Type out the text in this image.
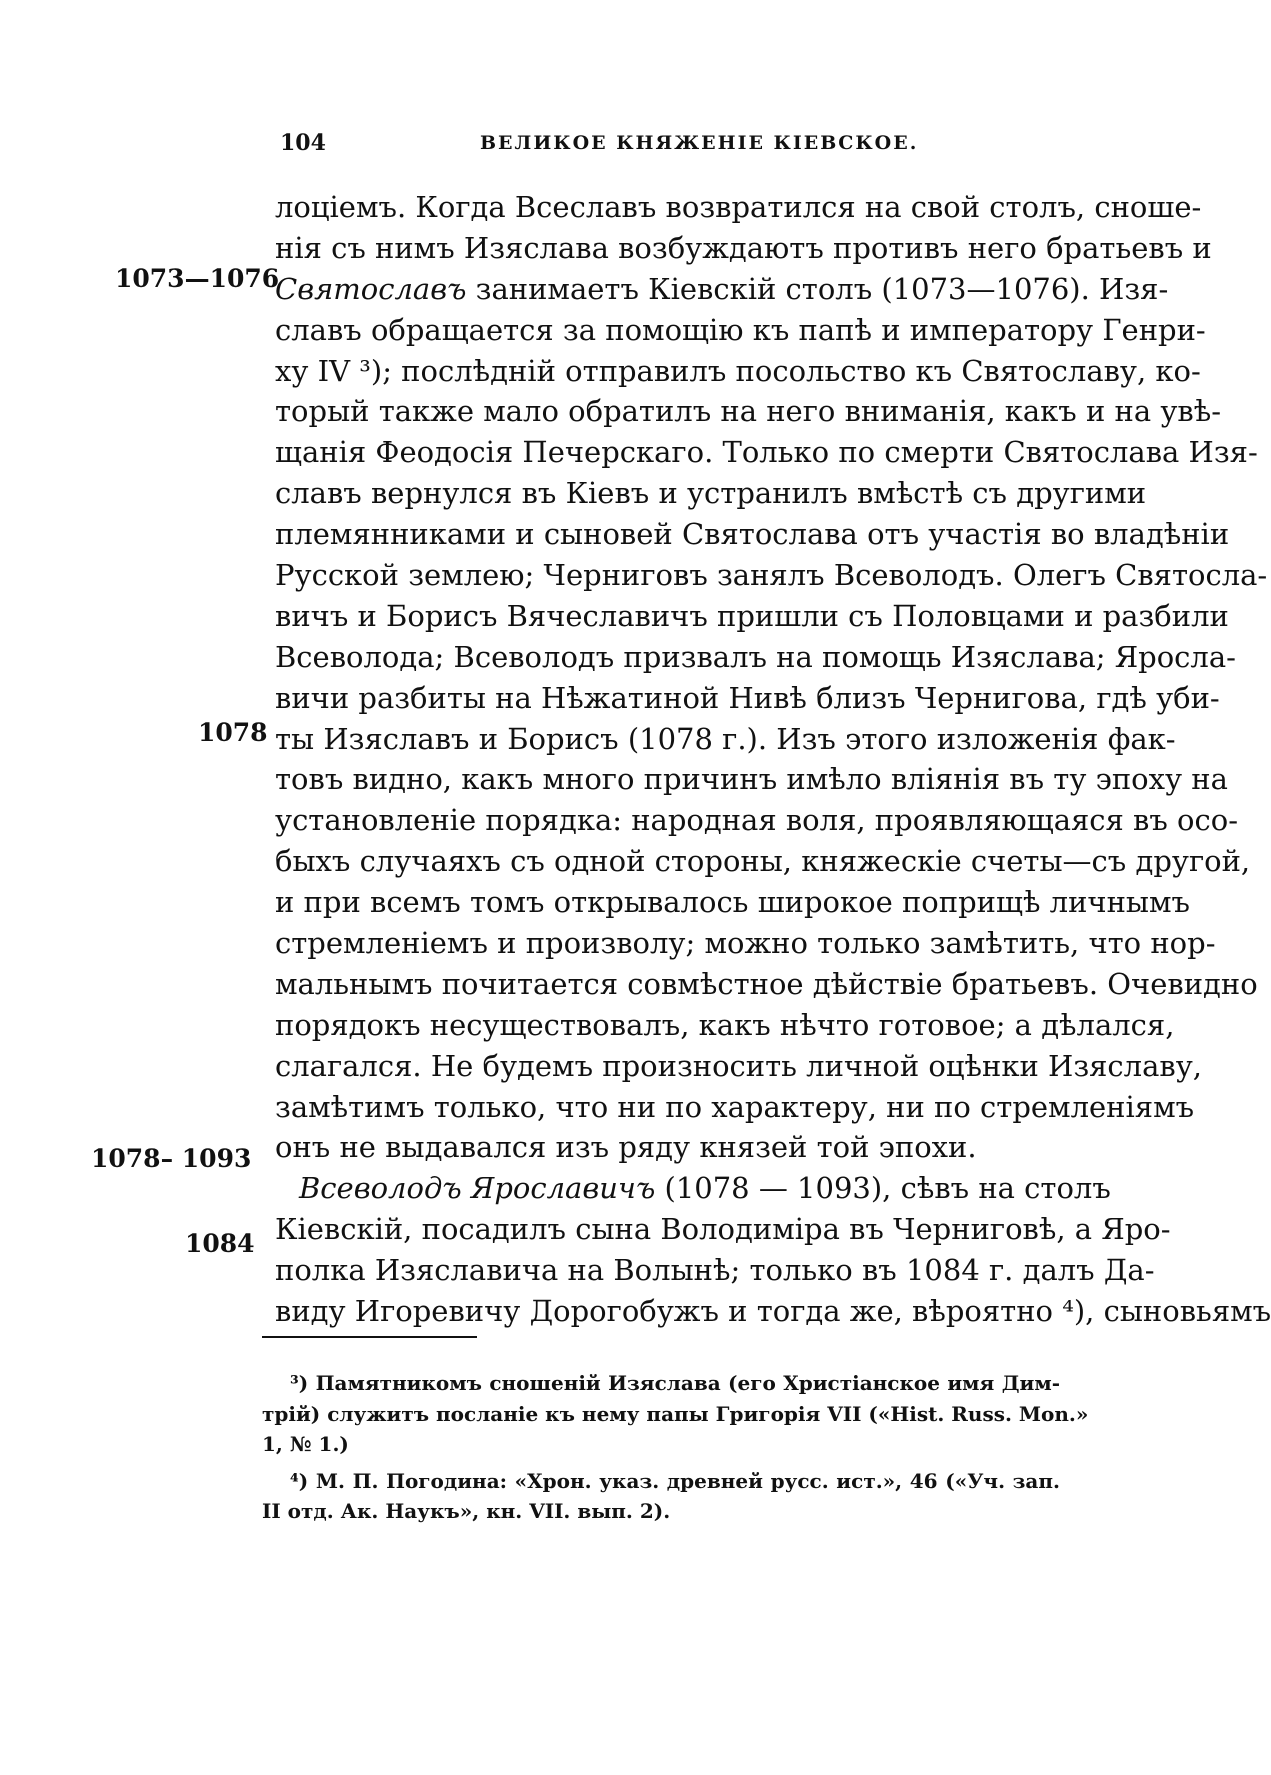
104	ВЕЛИКОЕ КНЯЖЕНІЕ КІЕВСКОЕ.
1073—1076
1078
1078– 1093
1084
лоцiемъ. Когда Всеславъ возвратился на свой столъ, сноше-
нія съ нимъ Изяслава возбуждаютъ противъ него братьевъ и
Святославъ занимаетъ Кіевскій столъ (1073—1076). Изя-
славъ обращается за помощію къ папѣ и императору Генри-
ху IV ³); послѣдній отправилъ посольство къ Святославу, ко-
торый также мало обратилъ на него вниманія, какъ и на увѣ-
щанія Феодосія Печерскаго. Только по смерти Святослава Изя-
славъ вернулся въ Кіевъ и устранилъ вмѣстѣ съ другими
племянниками и сыновей Святослава отъ участія во владѣніи
Русской землею; Черниговъ занялъ Всеволодъ. Олегъ Святосла-
вичъ и Борисъ Вячеславичъ пришли съ Половцами и разбили
Всеволода; Всеволодъ призвалъ на помощь Изяслава; Яросла-
вичи разбиты на Нѣжатиной Нивѣ близъ Чернигова, гдѣ уби-
ты Изяславъ и Борисъ (1078 г.). Изъ этого изложенія фак-
товъ видно, какъ много причинъ имѣло вліянія въ ту эпоху на
установленіе порядка: народная воля, проявляющаяся въ осо-
быхъ случаяхъ съ одной стороны, княжескіе счеты—съ другой,
и при всемъ томъ открывалось широкое поприщѣ личнымъ
стремленіемъ и произволу; можно только замѣтить, что нор-
мальнымъ почитается совмѣстное дѣйствіе братьевъ. Очевидно
порядокъ несуществовалъ, какъ нѣчто готовое; а дѣлался,
слагался. Не будемъ произносить личной оцѣнки Изяславу,
замѣтимъ только, что ни по характеру, ни по стремленіямъ
онъ не выдавался изъ ряду князей той эпохи.
Всеволодъ Ярославичъ (1078 — 1093), сѣвъ на столъ
Кіевскій, посадилъ сына Володиміра въ Черниговѣ, а Яро-
полка Изяславича на Волынѣ; только въ 1084 г. далъ Да-
виду Игоревичу Дорогобужъ и тогда же, вѣроятно ⁴), сыновьямъ
³) Памятникомъ сношеній Изяслава (его Христіанское имя Дим-
трій) служитъ посланіе къ нему папы Григорія VII («Hist. Russ. Mon.»
1, № 1.)
⁴) М. П. Погодина: «Хрон. указ. древней русс. ист.», 46 («Уч. зап.
II отд. Ак. Наукъ», кн. VII. вып. 2).
